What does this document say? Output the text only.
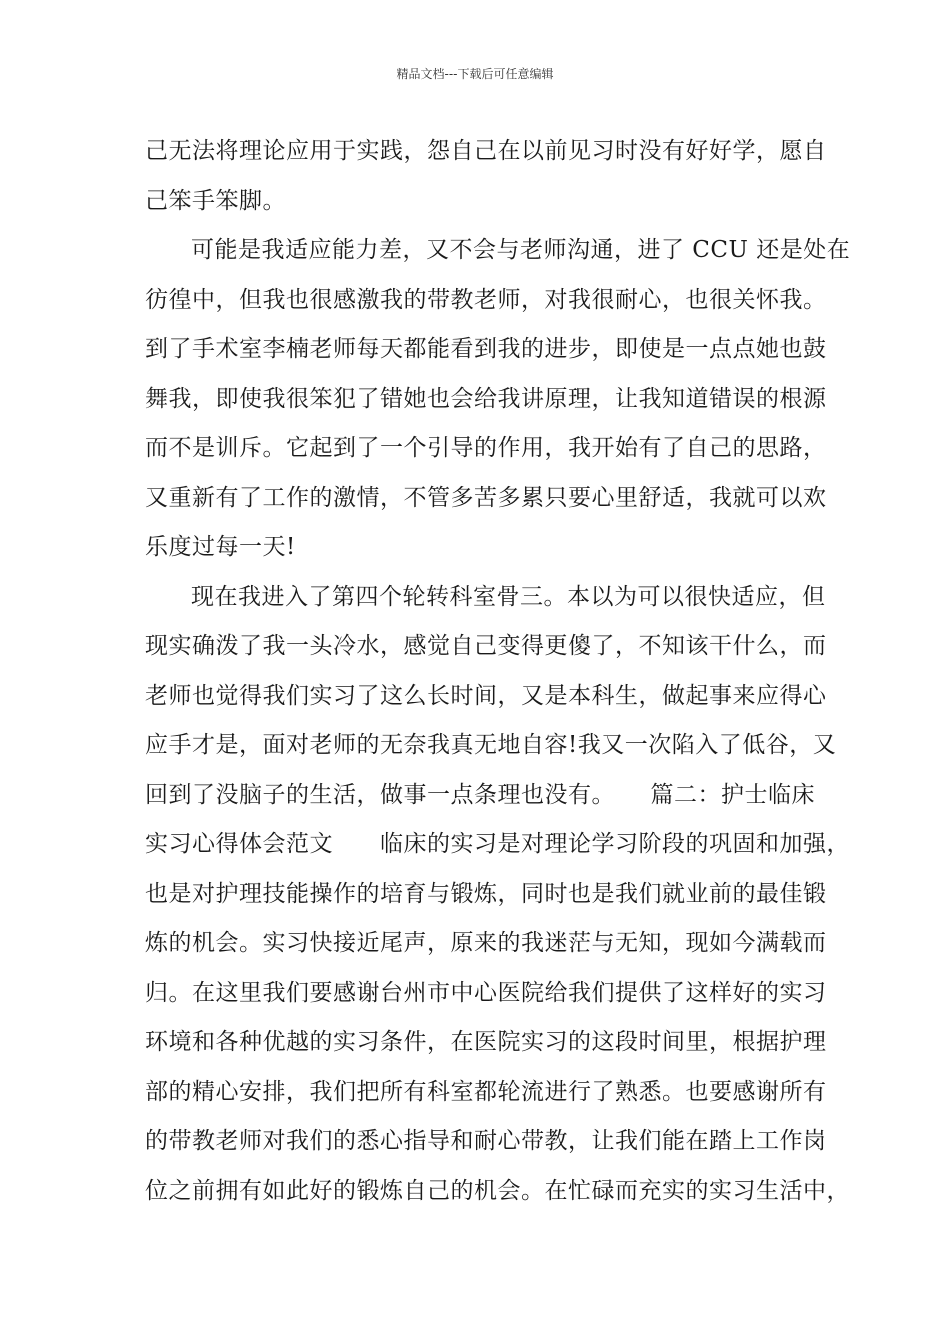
精品文档---下载后可任意编辑
己无法将理论应用于实践，怨自己在以前见习时没有好好学，愿自
己笨手笨脚。
可能是我适应能力差，又不会与老师沟通，进了 CCU 还是处在
彷徨中，但我也很感激我的带教老师，对我很耐心，也很关怀我。
到了手术室李楠老师每天都能看到我的进步，即使是一点点她也鼓
舞我，即使我很笨犯了错她也会给我讲原理，让我知道错误的根源
而不是训斥。它起到了一个引导的作用，我开始有了自己的思路，
又重新有了工作的激情，不管多苦多累只要心里舒适，我就可以欢
乐度过每一天!
现在我进入了第四个轮转科室骨三。本以为可以很快适应，但
现实确泼了我一头冷水，感觉自己变得更傻了，不知该干什么，而
老师也觉得我们实习了这么长时间，又是本科生，做起事来应得心
应手才是，面对老师的无奈我真无地自容!我又一次陷入了低谷，又
回到了没脑子的生活，做事一点条理也没有。　　篇二：护士临床
实习心得体会范文　　临床的实习是对理论学习阶段的巩固和加强，
也是对护理技能操作的培育与锻炼，同时也是我们就业前的最佳锻
炼的机会。实习快接近尾声，原来的我迷茫与无知，现如今满载而
归。在这里我们要感谢台州市中心医院给我们提供了这样好的实习
环境和各种优越的实习条件，在医院实习的这段时间里，根据护理
部的精心安排，我们把所有科室都轮流进行了熟悉。也要感谢所有
的带教老师对我们的悉心指导和耐心带教，让我们能在踏上工作岗
位之前拥有如此好的锻炼自己的机会。在忙碌而充实的实习生活中，
